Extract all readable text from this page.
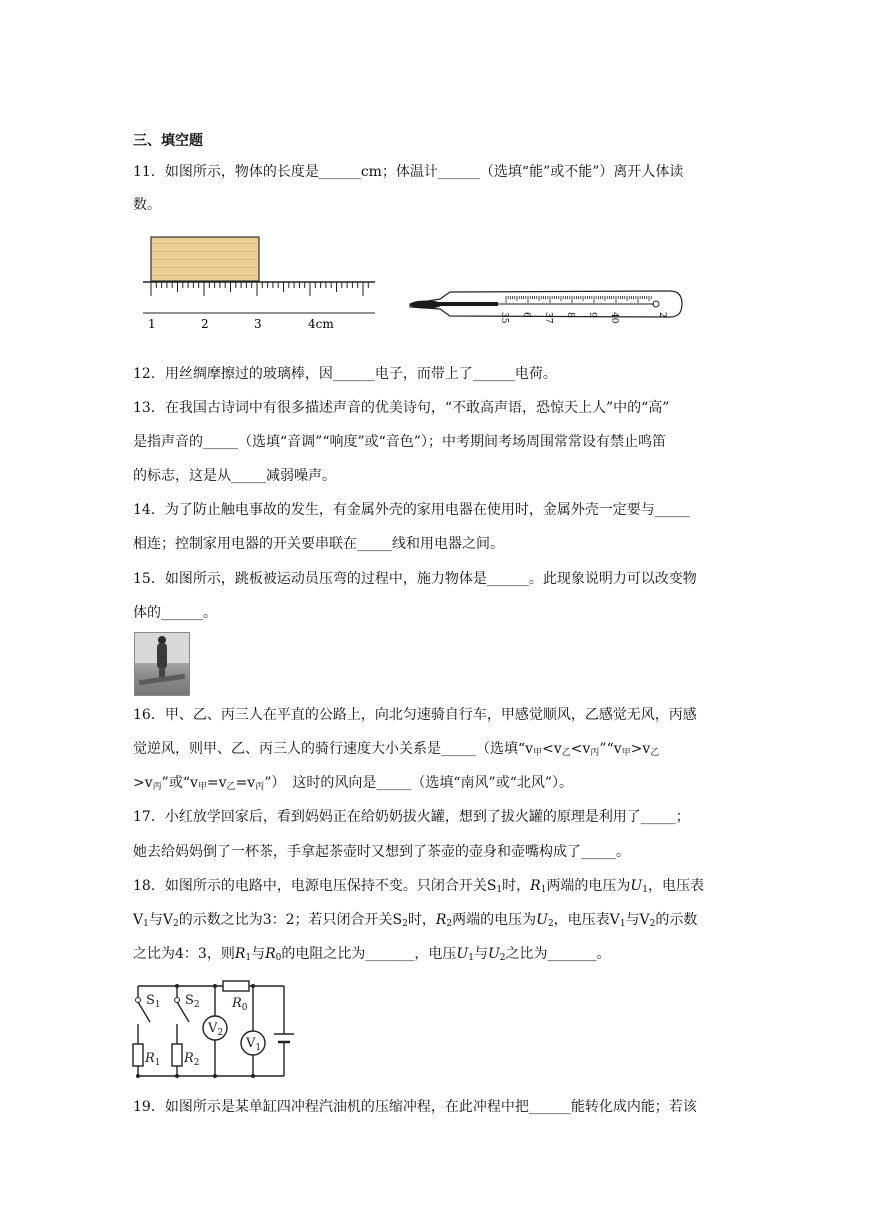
三、填空题
11．如图所示，物体的长度是______cm；体温计______（选填“能”或不能”）离开人体读
数。
1	2	3	4cm	35 6 37 8 9 40	2
12．用丝绸摩擦过的玻璃棒，因______电子，而带上了______电荷。
13．在我国古诗词中有很多描述声音的优美诗句，“不敢高声语，恐惊天上人”中的“高”
是指声音的_____（选填“音调”“响度”或“音色”）；中考期间考场周围常常设有禁止鸣笛
的标志，这是从_____减弱噪声。
14．为了防止触电事故的发生，有金属外壳的家用电器在使用时，金属外壳一定要与_____
相连；控制家用电器的开关要串联在_____线和用电器之间。
15．如图所示，跳板被运动员压弯的过程中，施力物体是______。此现象说明力可以改变物
体的______。
16．甲、乙、丙三人在平直的公路上，向北匀速骑自行车，甲感觉顺风，乙感觉无风，丙感
觉逆风，则甲、乙、丙三人的骑行速度大小关系是_____（选填“$v_甲<v_乙<v_丙”“v_甲>v_乙$
$>v_丙$”或“$v_甲=v_乙=v_丙$”）　这时的风向是_____（选填“南风”或“北风”）。
17．小红放学回家后，看到妈妈正在给奶奶拔火罐，想到了拔火罐的原理是利用了_____；
她去给妈妈倒了一杯茶，手拿起茶壶时又想到了茶壶的壶身和壶嘴构成了_____。
18．如图所示的电路中，电源电压保持不变。只闭合开关$S_1$时，$R_1$两端的电压为$U_1$，电压表
$V_1$与$V_2$的示数之比为3：2；若只闭合开关$S_2$时，$R_2$两端的电压为$U_2$，电压表$V_1$与$V_2$的示数
之比为4：3，则$R_1$与$R_0$的电阻之比为_______，电压$U_1$与$U_2$之比为_______。
$S_1$ $S_2$ $R_0$
$R_1$ $R_2$
$V_2$
$V_1$
19．如图所示是某单缸四冲程汽油机的压缩冲程，在此冲程中把______能转化成内能；若该
